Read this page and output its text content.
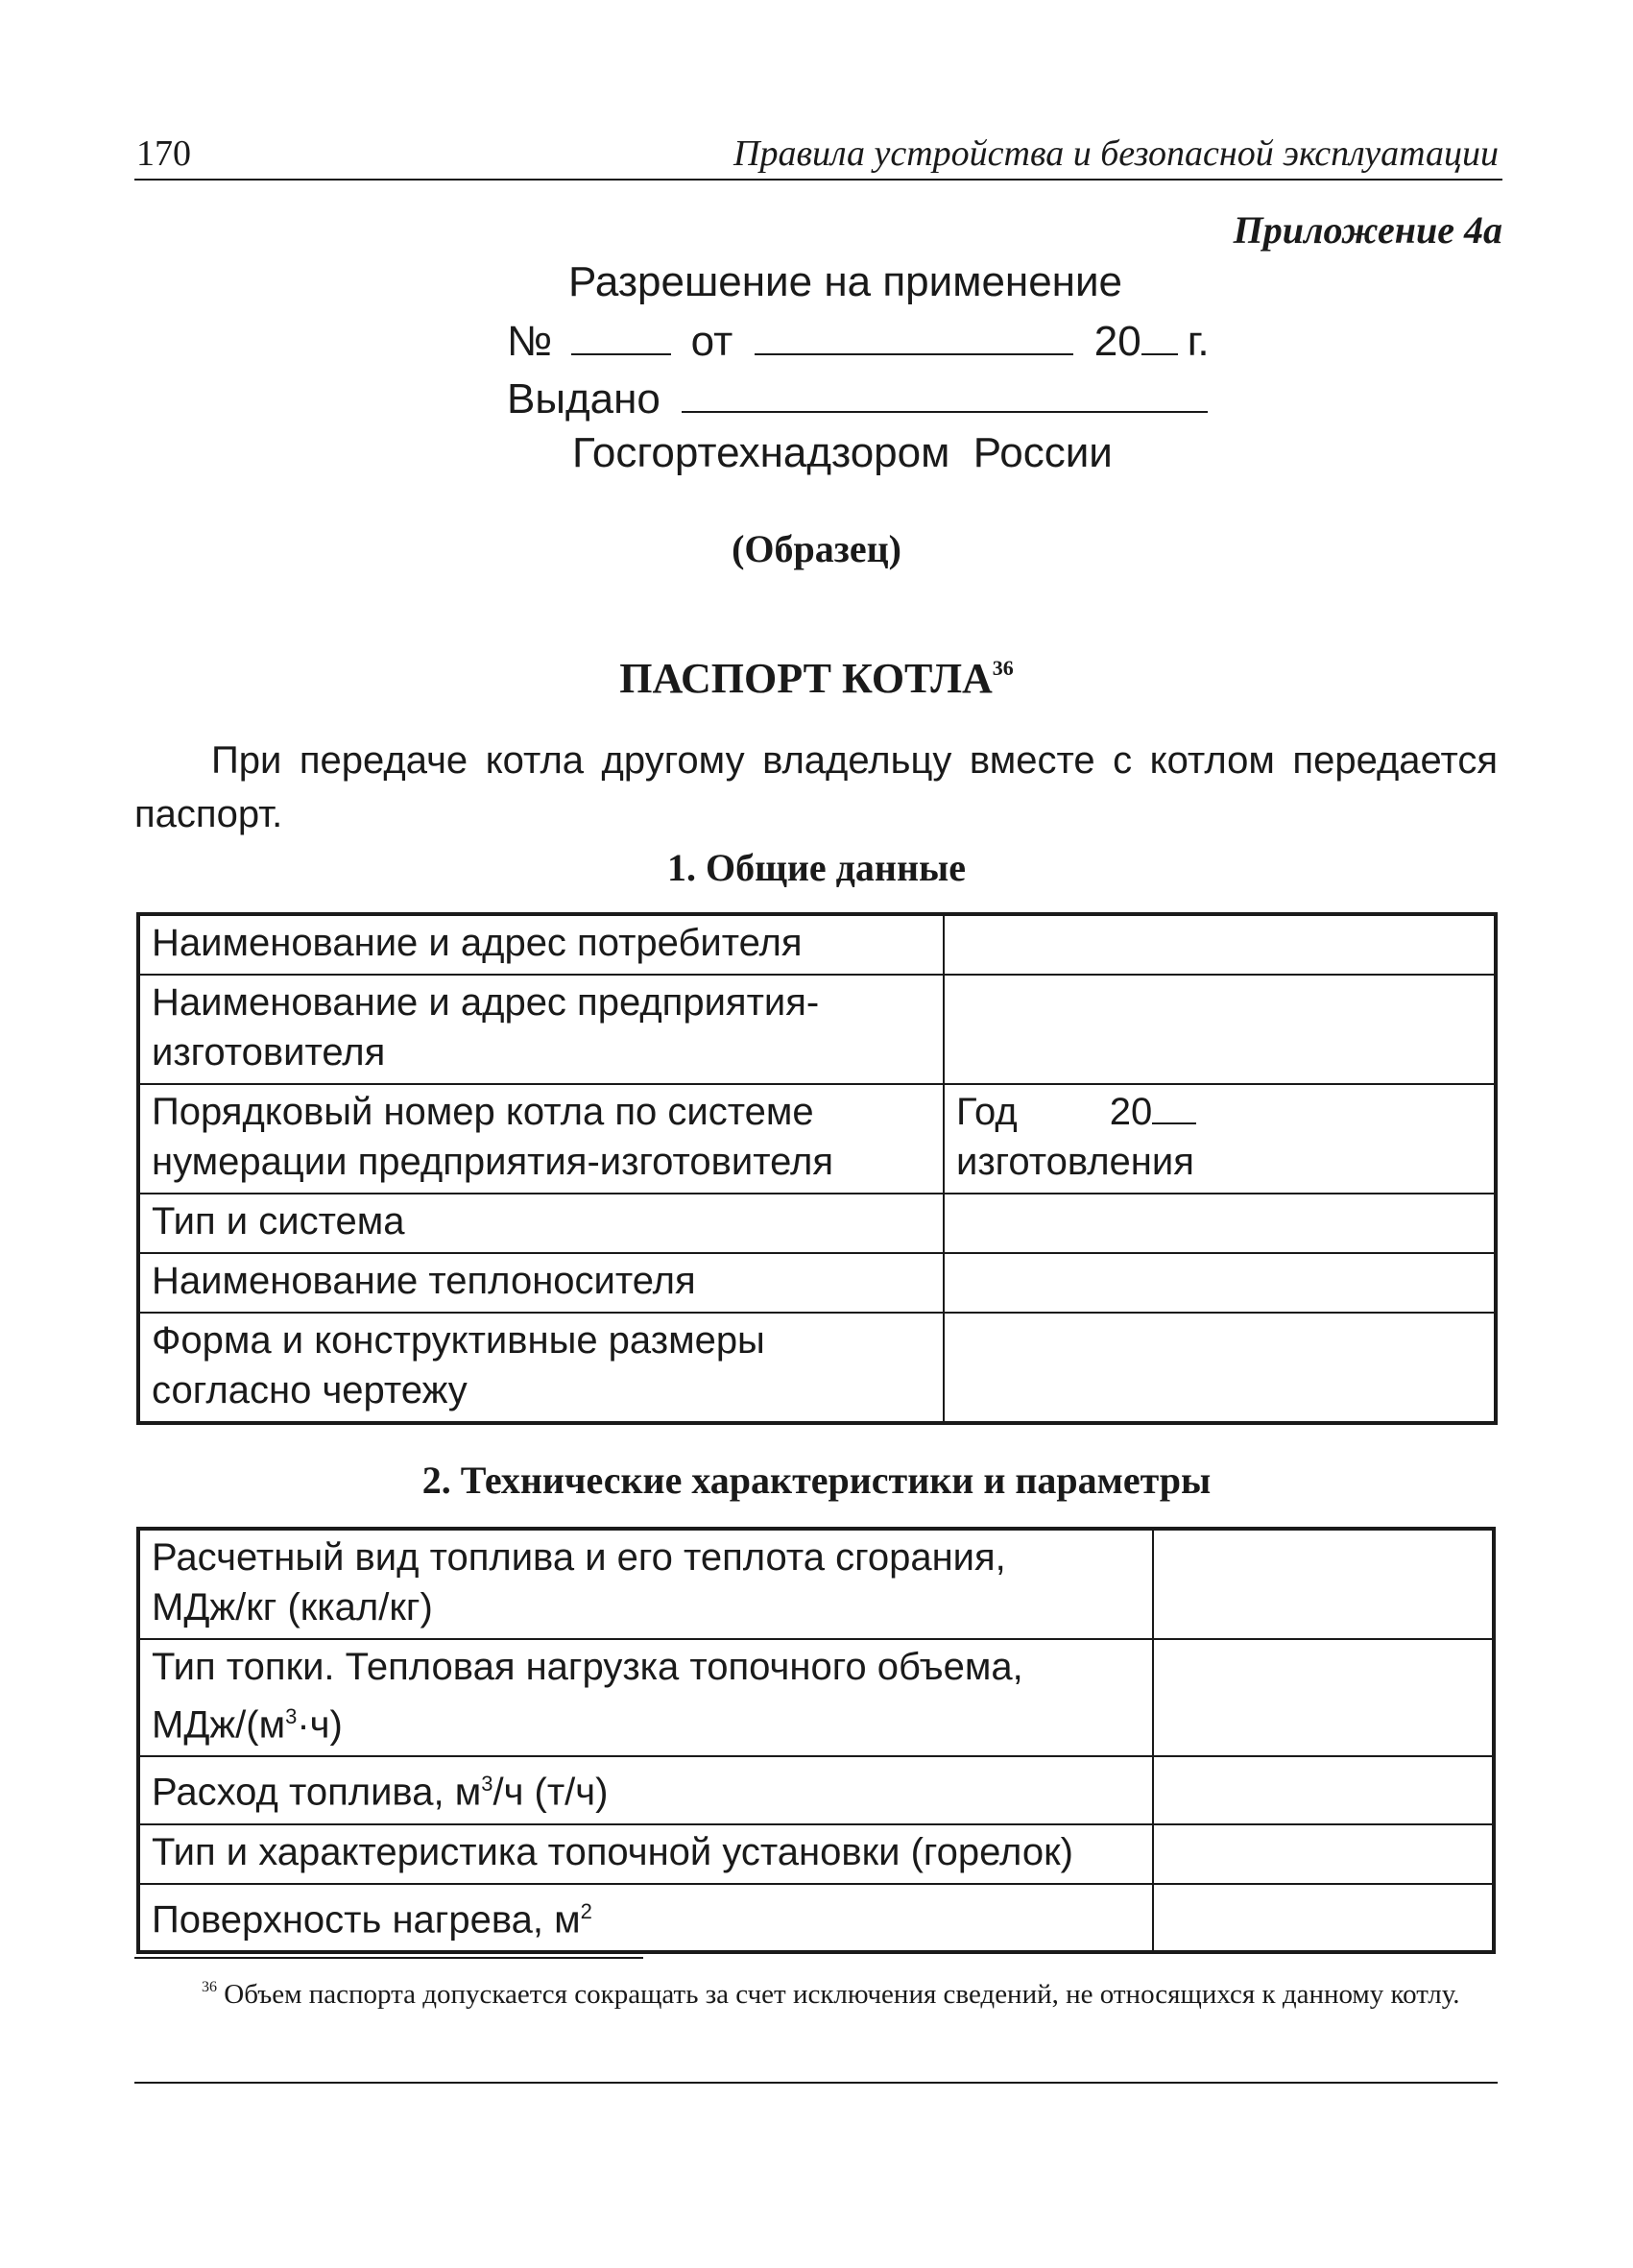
170	Правила устройства и безопасной эксплуатации
Приложение 4а
Разрешение на применение
№	от	20 г.
Выдано
Госгортехнадзором  России
(Образец)
ПАСПОРТ КОТЛА$^{36}$
При передаче котла другому владельцу вместе с котлом передается паспорт.
1. Общие данные
Наименование и адрес потребителя	
Наименование и адрес предприятия-изготовителя	
Порядковый номер котла по системе нумерации предприятия-изготовителя	Год 20
изготовления

Тип и система	
Наименование теплоносителя	
Форма и конструктивные размеры согласно чертежу	
2. Технические характеристики и параметры
Расчетный вид топлива и его теплота сгорания,
МДж/кг (ккал/кг)	
Тип топки. Тепловая нагрузка топочного объема,
МДж/$(м^3\cdot ч)$	
Расход топлива, $м^3/ч$ (т/ч)	
Тип и характеристика топочной установки (горелок)	
Поверхность нагрева, $м^2$	
$^{36}$ Объем паспорта допускается сокращать за счет исключения сведений, не относящихся к данному котлу.
